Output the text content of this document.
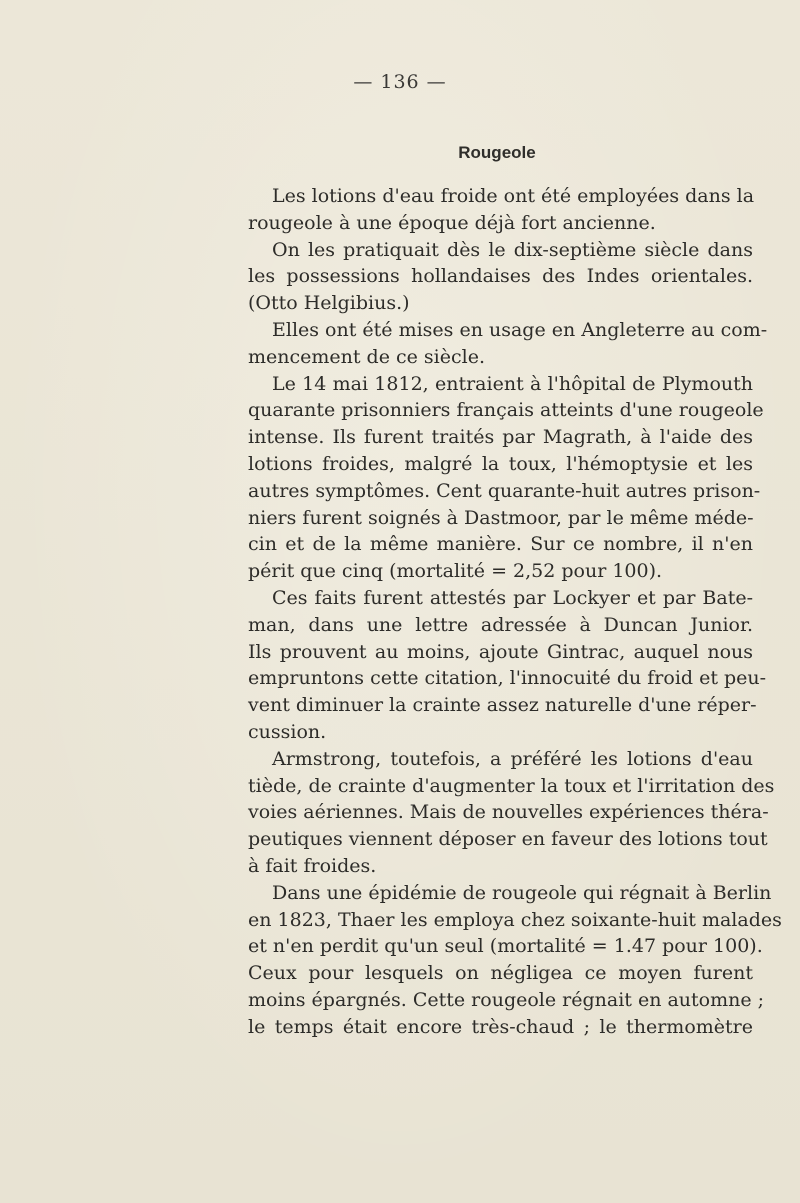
— 136 —
Rougeole
Les lotions d'eau froide ont été employées dans la
rougeole à une époque déjà fort ancienne.
On les pratiquait dès le dix-septième siècle dans
les possessions hollandaises des Indes orientales.
(Otto Helgibius.)
Elles ont été mises en usage en Angleterre au com-
mencement de ce siècle.
Le 14 mai 1812, entraient à l'hôpital de Plymouth
quarante prisonniers français atteints d'une rougeole
intense. Ils furent traités par Magrath, à l'aide des
lotions froides, malgré la toux, l'hémoptysie et les
autres symptômes. Cent quarante-huit autres prison-
niers furent soignés à Dastmoor, par le même méde-
cin et de la même manière. Sur ce nombre, il n'en
périt que cinq (mortalité = 2,52 pour 100).
Ces faits furent attestés par Lockyer et par Bate-
man, dans une lettre adressée à Duncan Junior.
Ils prouvent au moins, ajoute Gintrac, auquel nous
empruntons cette citation, l'innocuité du froid et peu-
vent diminuer la crainte assez naturelle d'une réper-
cussion.
Armstrong, toutefois, a préféré les lotions d'eau
tiède, de crainte d'augmenter la toux et l'irritation des
voies aériennes. Mais de nouvelles expériences théra-
peutiques viennent déposer en faveur des lotions tout
à fait froides.
Dans une épidémie de rougeole qui régnait à Berlin
en 1823, Thaer les employa chez soixante-huit malades
et n'en perdit qu'un seul (mortalité = 1.47 pour 100).
Ceux pour lesquels on négligea ce moyen furent
moins épargnés. Cette rougeole régnait en automne ;
le temps était encore très-chaud ; le thermomètre
